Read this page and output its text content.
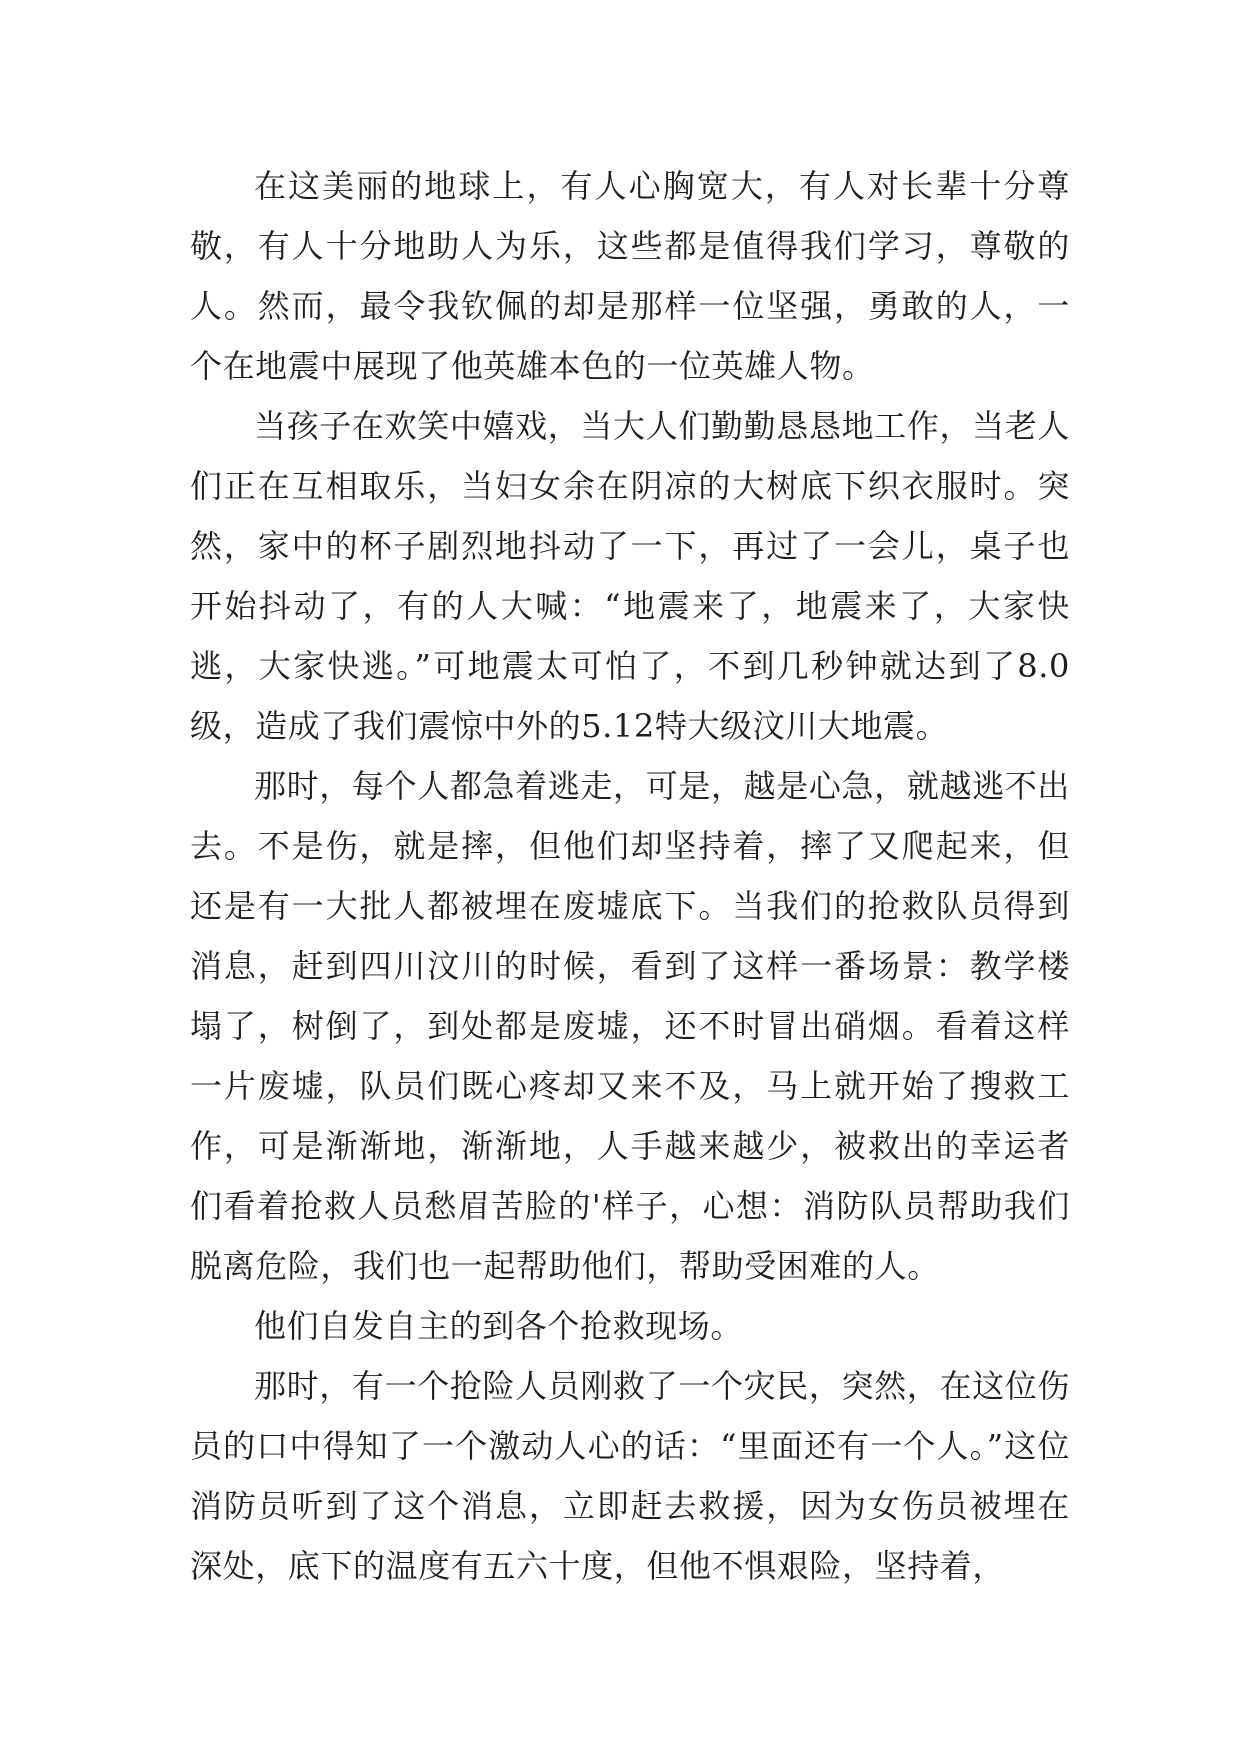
在这美丽的地球上，有人心胸宽大，有人对长辈十分尊敬，有人十分地助人为乐，这些都是值得我们学习，尊敬的人。然而，最令我钦佩的却是那样一位坚强，勇敢的人，一个在地震中展现了他英雄本色的一位英雄人物。

当孩子在欢笑中嬉戏，当大人们勤勤恳恳地工作，当老人们正在互相取乐，当妇女余在阴凉的大树底下织衣服时。突然，家中的杯子剧烈地抖动了一下，再过了一会儿，桌子也开始抖动了，有的人大喊：“地震来了，地震来了，大家快逃，大家快逃。”可地震太可怕了，不到几秒钟就达到了8.0级，造成了我们震惊中外的5.12特大级汶川大地震。

那时，每个人都急着逃走，可是，越是心急，就越逃不出去。不是伤，就是摔，但他们却坚持着，摔了又爬起来，但还是有一大批人都被埋在废墟底下。当我们的抢救队员得到消息，赶到四川汶川的时候，看到了这样一番场景：教学楼塌了，树倒了，到处都是废墟，还不时冒出硝烟。看着这样一片废墟，队员们既心疼却又来不及，马上就开始了搜救工作，可是渐渐地，渐渐地，人手越来越少，被救出的幸运者们看着抢救人员愁眉苦脸的'样子，心想：消防队员帮助我们脱离危险，我们也一起帮助他们，帮助受困难的人。

他们自发自主的到各个抢救现场。

那时，有一个抢险人员刚救了一个灾民，突然，在这位伤员的口中得知了一个激动人心的话：“里面还有一个人。”这位消防员听到了这个消息，立即赶去救援，因为女伤员被埋在深处，底下的温度有五六十度，但他不惧艰险，坚持着，
